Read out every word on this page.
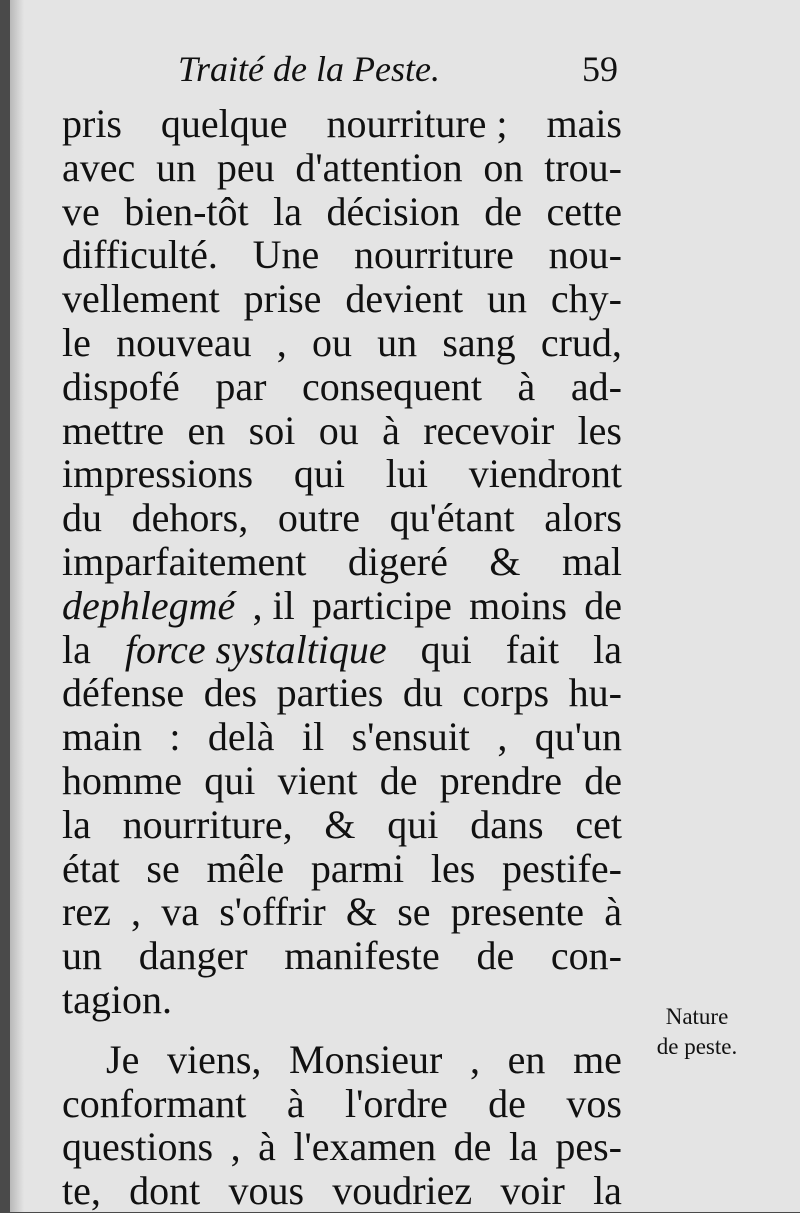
Traité de la Peste.	59
pris quelque nourriture ; mais
avec un peu d'attention on trou-
ve bien-tôt la décision de cette
difficulté. Une nourriture nou-
vellement prise devient un chy-
le nouveau , ou un sang crud,
dispofé par consequent à ad-
mettre en soi ou à recevoir les
impressions qui lui viendront
du dehors, outre qu'étant alors
imparfaitement digeré & mal
dephlegmé , il participe moins de
la force systaltique qui fait la
défense des parties du corps hu-
main : delà il s'ensuit , qu'un
homme qui vient de prendre de
la nourriture, & qui dans cet
état se mêle parmi les pestife-
rez , va s'offrir & se presente à
un danger manifeste de con-
tagion.
Je viens, Monsieur , en me
conformant à l'ordre de vos
questions , à l'examen de la pes-
te, dont vous voudriez voir la
Nature
de peste.
